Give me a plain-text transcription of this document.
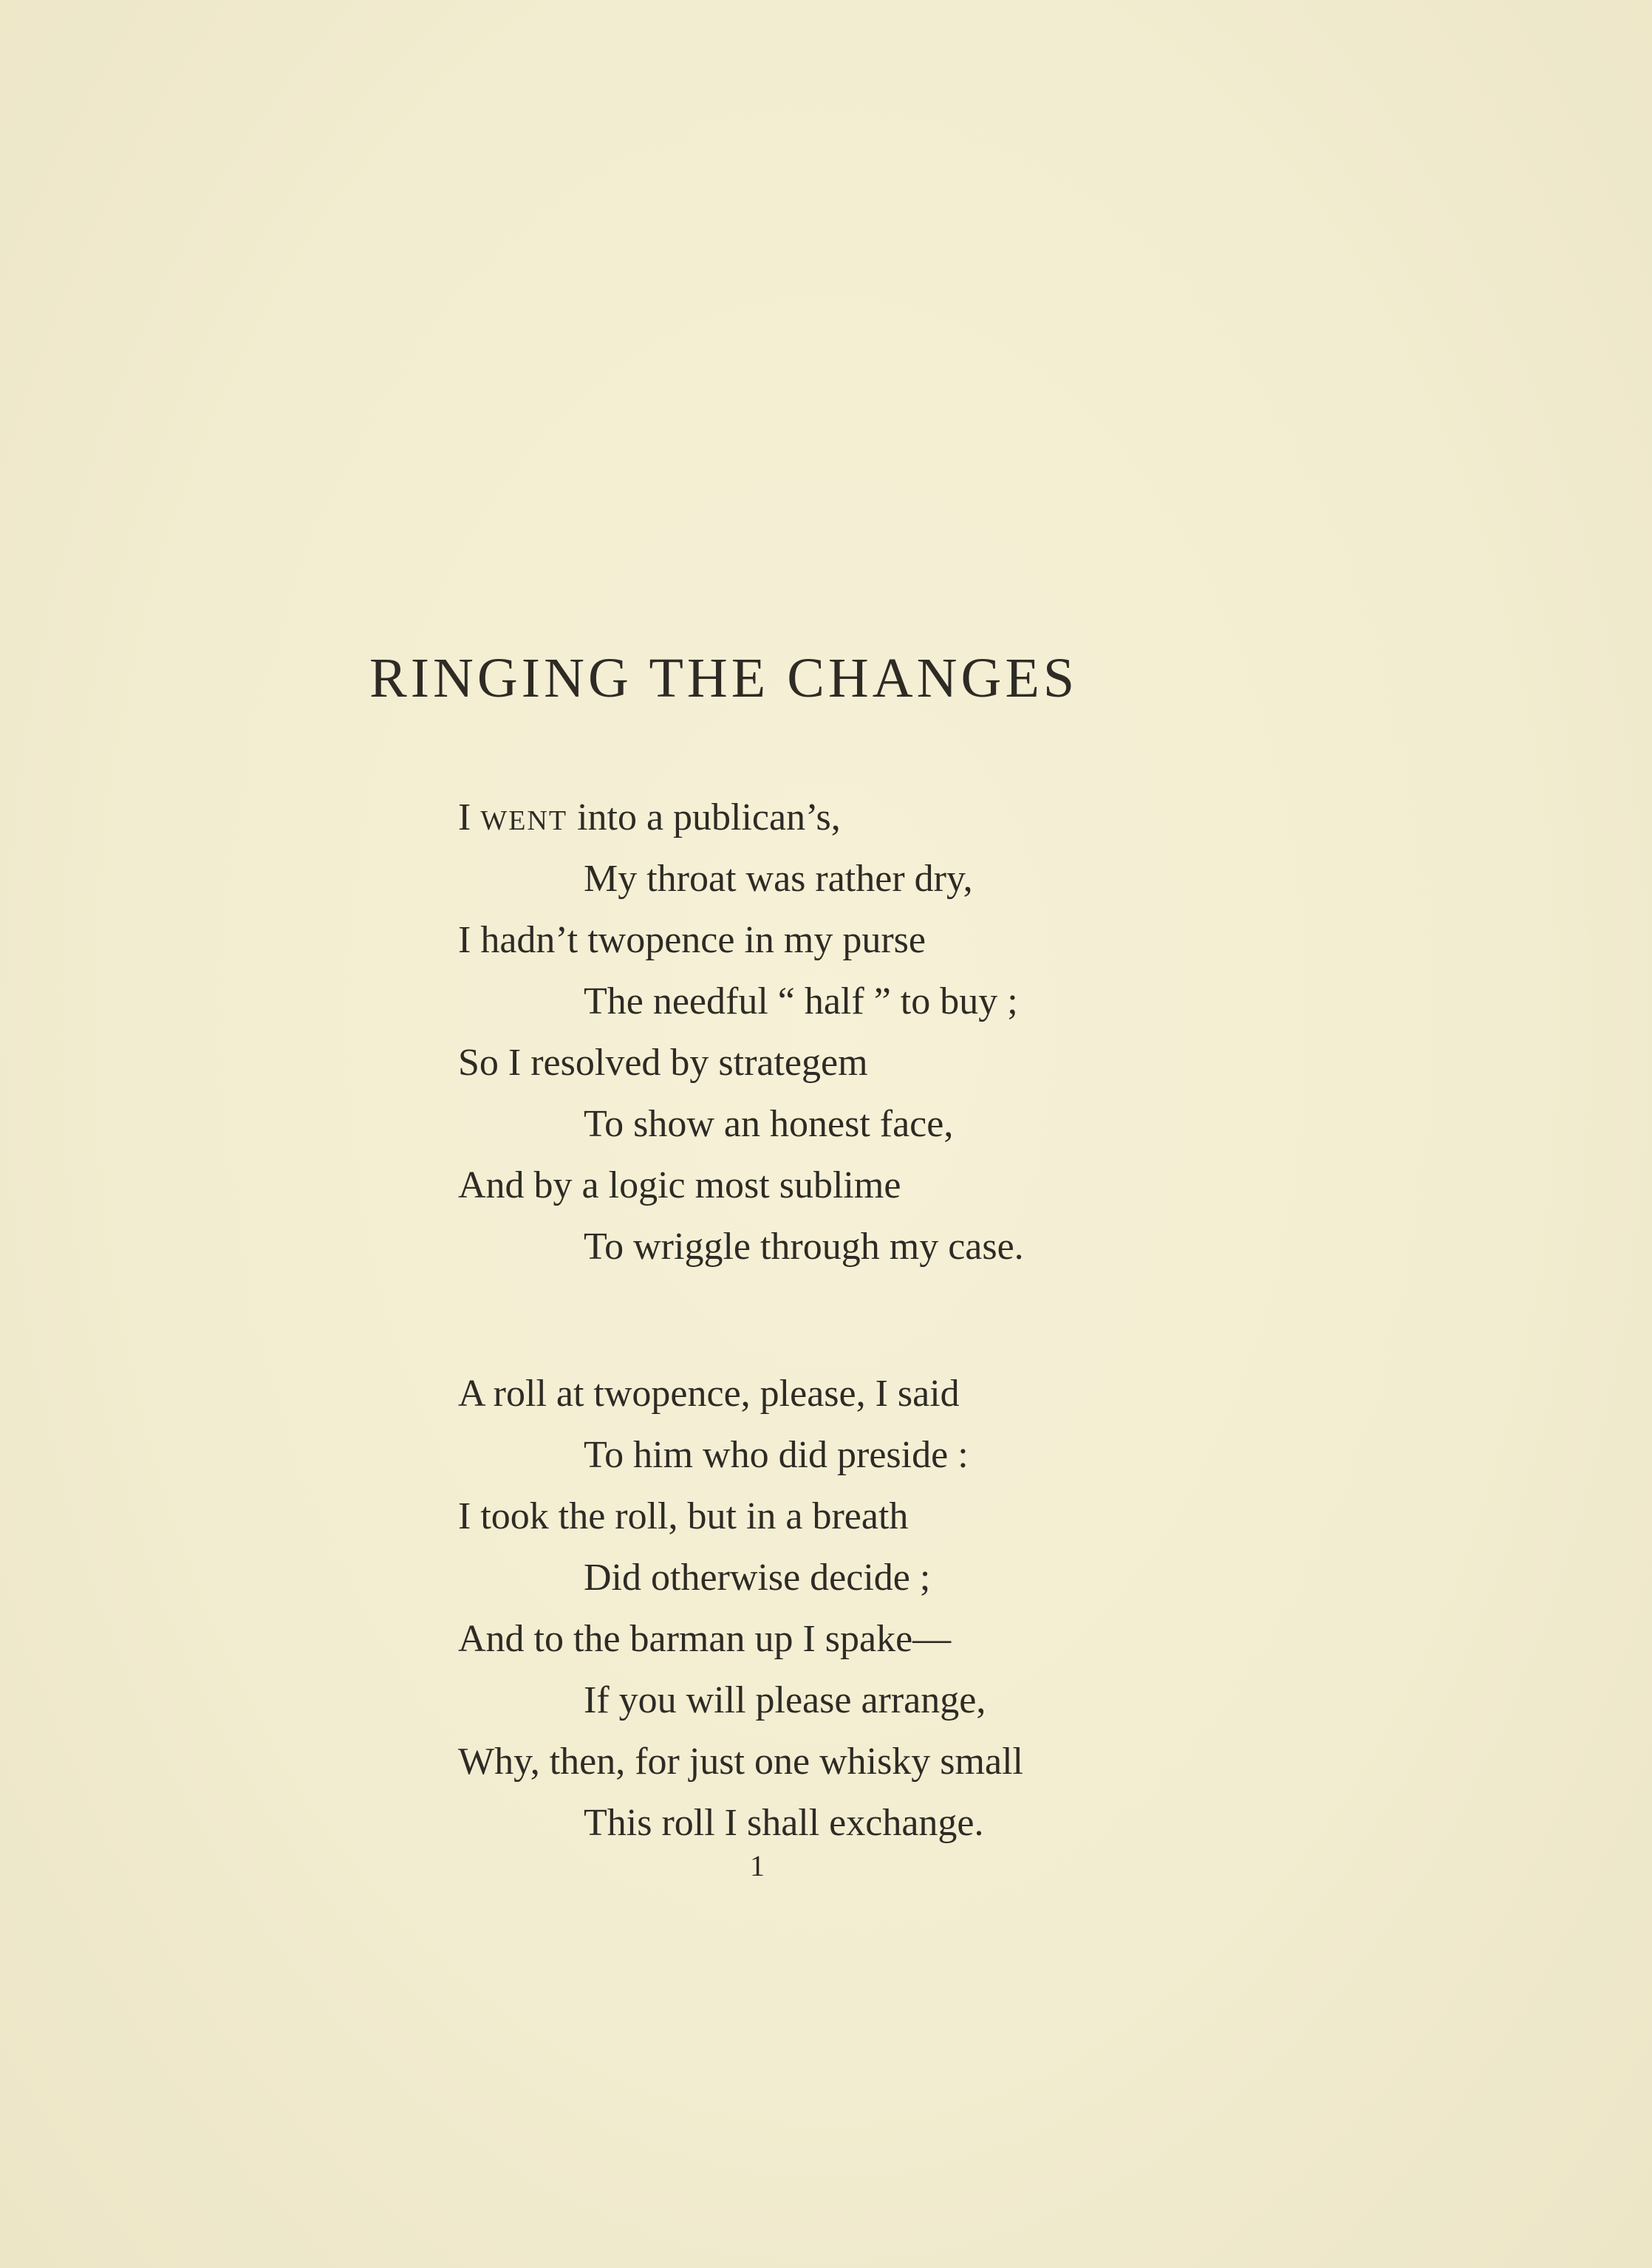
RINGING THE CHANGES
I WENT into a publican’s,
My throat was rather dry,
I hadn’t twopence in my purse
The needful “ half ” to buy ;
So I resolved by strategem
To show an honest face,
And by a logic most sublime
To wriggle through my case.
A roll at twopence, please, I said
To him who did preside :
I took the roll, but in a breath
Did otherwise decide ;
And to the barman up I spake—
If you will please arrange,
Why, then, for just one whisky small
This roll I shall exchange.
1
